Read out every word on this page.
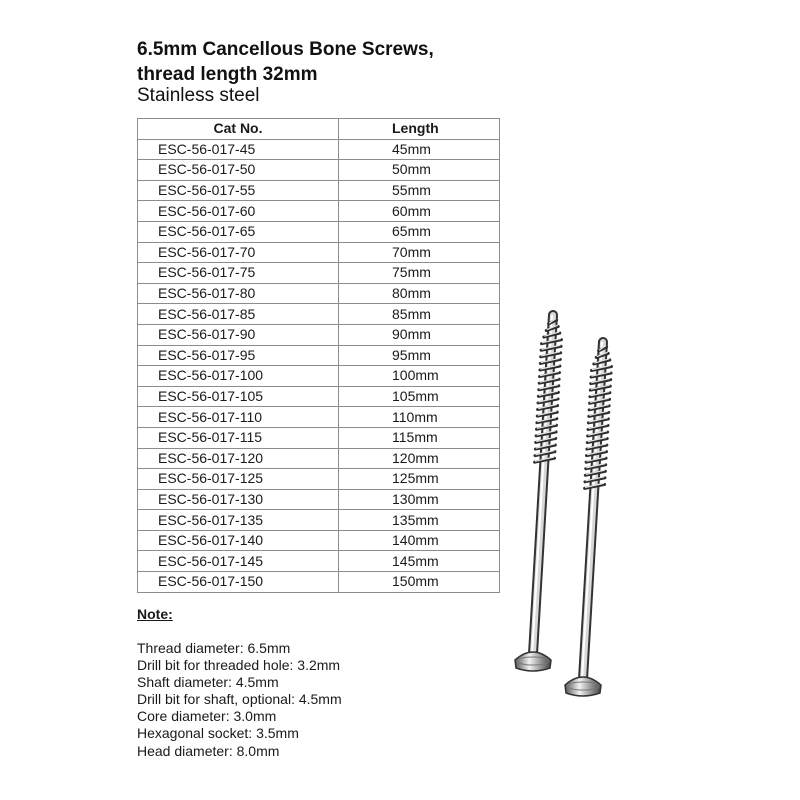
6.5mm Cancellous Bone Screws,
thread length 32mm

Stainless steel

Cat No.	Length
ESC-56-017-45	45mm
ESC-56-017-50	50mm
ESC-56-017-55	55mm
ESC-56-017-60	60mm
ESC-56-017-65	65mm
ESC-56-017-70	70mm
ESC-56-017-75	75mm
ESC-56-017-80	80mm
ESC-56-017-85	85mm
ESC-56-017-90	90mm
ESC-56-017-95	95mm
ESC-56-017-100	100mm
ESC-56-017-105	105mm
ESC-56-017-110	110mm
ESC-56-017-115	115mm
ESC-56-017-120	120mm
ESC-56-017-125	125mm
ESC-56-017-130	130mm
ESC-56-017-135	135mm
ESC-56-017-140	140mm
ESC-56-017-145	145mm
ESC-56-017-150	150mm

Note:

Thread diameter: 6.5mm
Drill bit for threaded hole: 3.2mm
Shaft diameter: 4.5mm
Drill bit for shaft, optional: 4.5mm
Core diameter: 3.0mm
Hexagonal socket: 3.5mm
Head diameter: 8.0mm
